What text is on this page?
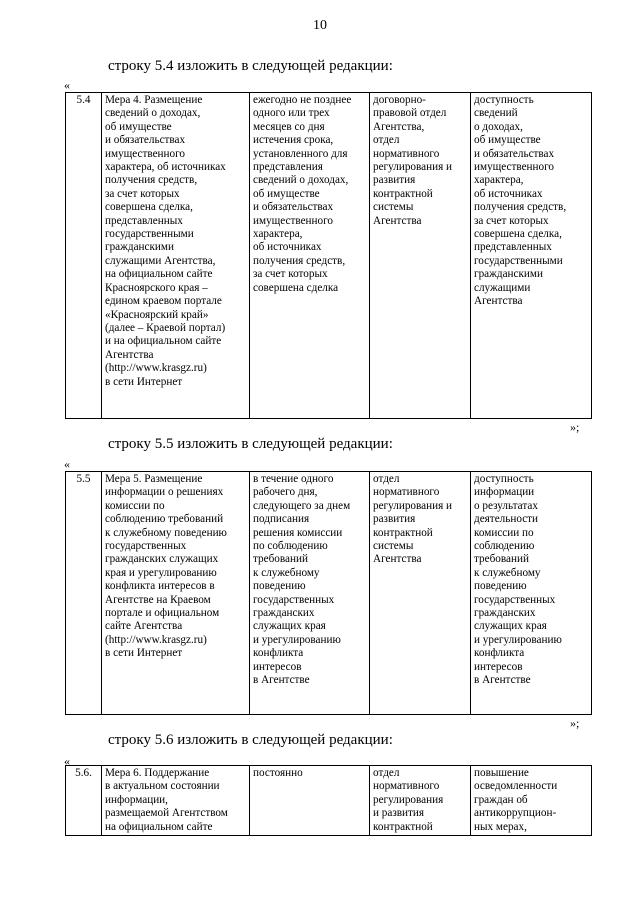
10
строку 5.4 изложить в следующей редакции:
«
5.4	Мера 4. Размещение
сведений о доходах,
об имуществе
и обязательствах
имущественного
характера, об источниках
получения средств,
за счет которых
совершена сделка,
представленных
государственными
гражданскими
служащими Агентства,
на официальном сайте
Красноярского края –
едином краевом портале
«Красноярский край»
(далее – Краевой портал)
и на официальном сайте
Агентства
(http://www.krasgz.ru)
в сети Интернет	ежегодно не позднее
одного или трех
месяцев со дня
истечения срока,
установленного для
представления
сведений о доходах,
об имуществе
и обязательствах
имущественного
характера,
об источниках
получения средств,
за счет которых
совершена сделка	договорно-
правовой отдел
Агентства,
отдел
нормативного
регулирования и
развития
контрактной
системы
Агентства	доступность
сведений
о доходах,
об имуществе
и обязательствах
имущественного
характера,
об источниках
получения средств,
за счет которых
совершена сделка,
представленных
государственными
гражданскими
служащими
Агентства
»;
строку 5.5 изложить в следующей редакции:
«
5.5	Мера 5. Размещение
информации о решениях
комиссии по
соблюдению требований
к служебному поведению
государственных
гражданских служащих
края и урегулированию
конфликта интересов в
Агентстве на Краевом
портале и официальном
сайте Агентства
(http://www.krasgz.ru)
в сети Интернет	в течение одного
рабочего дня,
следующего за днем
подписания
решения комиссии
по соблюдению
требований
к служебному
поведению
государственных
гражданских
служащих края
и урегулированию
конфликта
интересов
в Агентстве	отдел
нормативного
регулирования и
развития
контрактной
системы
Агентства	доступность
информации
о результатах
деятельности
комиссии по
соблюдению
требований
к служебному
поведению
государственных
гражданских
служащих края
и урегулированию
конфликта
интересов
в Агентстве
»;
строку 5.6 изложить в следующей редакции:
«
5.6.	Мера 6. Поддержание
в актуальном состоянии
информации,
размещаемой Агентством
на официальном сайте	постоянно	отдел
нормативного
регулирования
и развития
контрактной	повышение
осведомленности
граждан об
антикоррупцион-
ных мерах,
